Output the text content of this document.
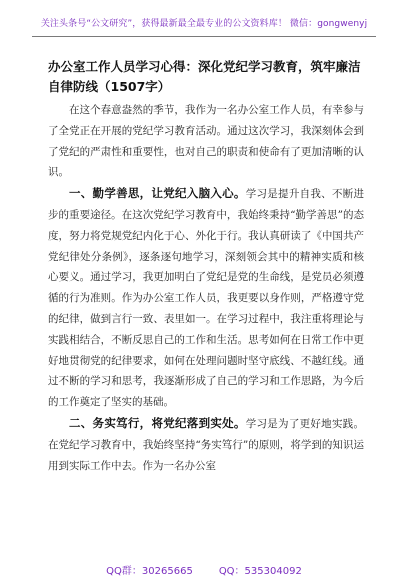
关注头条号“公文研究”，获得最新最全最专业的公文资料库！ 微信：gongwenyj
办公室工作人员学习心得：深化党纪学习教育，筑牢廉洁自律防线（1507字）

在这个春意盎然的季节，我作为一名办公室工作人员，有幸参与了全党正在开展的党纪学习教育活动。通过这次学习，我深刻体会到了党纪的严肃性和重要性，也对自己的职责和使命有了更加清晰的认识。

一、勤学善思，让党纪入脑入心。学习是提升自我、不断进步的重要途径。在这次党纪学习教育中，我始终秉持“勤学善思”的态度，努力将党规党纪内化于心、外化于行。我认真研读了《中国共产党纪律处分条例》，逐条逐句地学习，深刻领会其中的精神实质和核心要义。通过学习，我更加明白了党纪是党的生命线，是党员必须遵循的行为准则。作为办公室工作人员，我更要以身作则，严格遵守党的纪律，做到言行一致、表里如一。在学习过程中，我注重将理论与实践相结合，不断反思自己的工作和生活。思考如何在日常工作中更好地贯彻党的纪律要求，如何在处理问题时坚守底线、不越红线。通过不断的学习和思考，我逐渐形成了自己的学习和工作思路，为今后的工作奠定了坚实的基础。

二、务实笃行，将党纪落到实处。学习是为了更好地实践。在党纪学习教育中，我始终坚持“务实笃行”的原则，将学到的知识运用到实际工作中去。作为一名办公室

QQ群：30265665	QQ：535304092
